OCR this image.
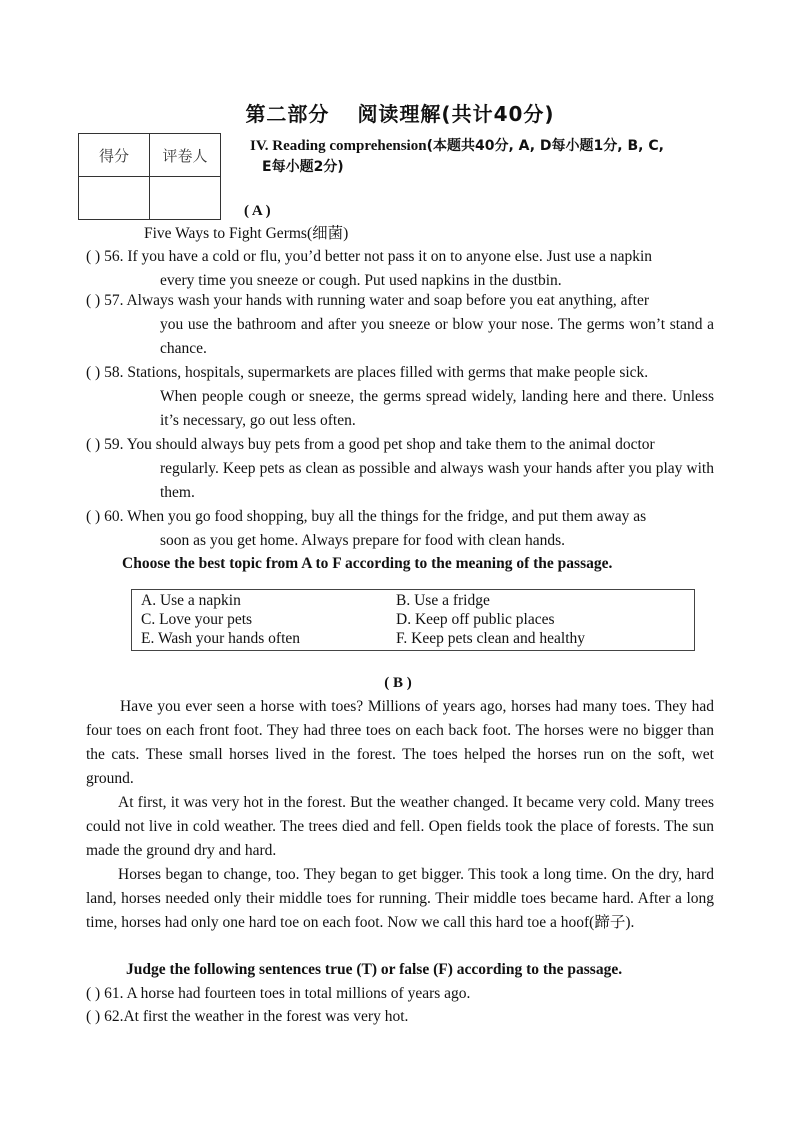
第二部分 阅读理解(共计40分)
得分	评卷人

IV. Reading comprehension(本题共40分, A, D每小题1分, B, C,
E每小题2分)
( A )
Five Ways to Fight Germs(细菌)
( ) 56. If you have a cold or flu, you’d better not pass it on to anyone else. Just use a napkin
every time you sneeze or cough. Put used napkins in the dustbin.
( ) 57. Always wash your hands with running water and soap before you eat anything, after
you use the bathroom and after you sneeze or blow your nose. The germs won’t stand a chance.
( ) 58. Stations, hospitals, supermarkets are places filled with germs that make people sick.
When people cough or sneeze, the germs spread widely, landing here and there. Unless it’s necessary, go out less often.
( ) 59. You should always buy pets from a good pet shop and take them to the animal doctor
regularly. Keep pets as clean as possible and always wash your hands after you play with them.
( ) 60. When you go food shopping, buy all the things for the fridge, and put them away as
soon as you get home. Always prepare for food with clean hands.
Choose the best topic from A to F according to the meaning of the passage.
A. Use a napkin	B. Use a fridge
C. Love your pets	D. Keep off public places
E. Wash your hands often	F. Keep pets clean and healthy
( B )
Have you ever seen a horse with toes? Millions of years ago, horses had many toes. They had four toes on each front foot. They had three toes on each back foot. The horses were no bigger than the cats. These small horses lived in the forest. The toes helped the horses run on the soft, wet ground.
At first, it was very hot in the forest. But the weather changed. It became very cold. Many trees could not live in cold weather. The trees died and fell. Open fields took the place of forests. The sun made the ground dry and hard.
Horses began to change, too. They began to get bigger. This took a long time. On the dry, hard land, horses needed only their middle toes for running. Their middle toes became hard. After a long time, horses had only one hard toe on each foot. Now we call this hard toe a hoof(蹄子).
Judge the following sentences true (T) or false (F) according to the passage.
( ) 61. A horse had fourteen toes in total millions of years ago.
( ) 62.At first the weather in the forest was very hot.
